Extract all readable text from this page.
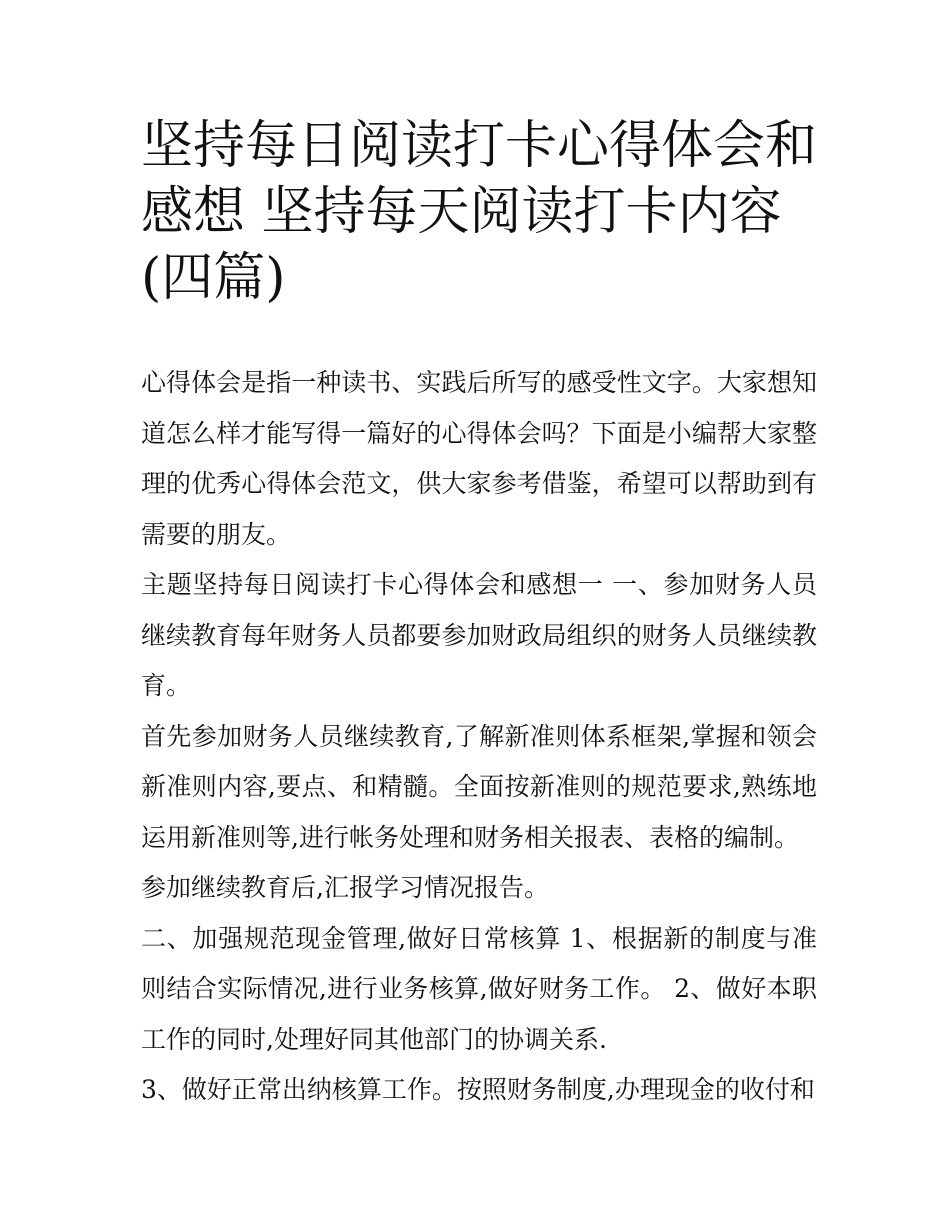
坚持每日阅读打卡心得体会和感想 坚持每天阅读打卡内容(四篇)

心得体会是指一种读书、实践后所写的感受性文字。大家想知道怎么样才能写得一篇好的心得体会吗？下面是小编帮大家整理的优秀心得体会范文，供大家参考借鉴，希望可以帮助到有需要的朋友。

主题坚持每日阅读打卡心得体会和感想一 一、参加财务人员继续教育每年财务人员都要参加财政局组织的财务人员继续教育。

首先参加财务人员继续教育,了解新准则体系框架,掌握和领会新准则内容,要点、和精髓。全面按新准则的规范要求,熟练地运用新准则等,进行帐务处理和财务相关报表、表格的编制。

参加继续教育后,汇报学习情况报告。

二、加强规范现金管理,做好日常核算 1、根据新的制度与准则结合实际情况,进行业务核算,做好财务工作。 2、做好本职工作的同时,处理好同其他部门的协调关系.

3、做好正常出纳核算工作。按照财务制度,办理现金的收付和
